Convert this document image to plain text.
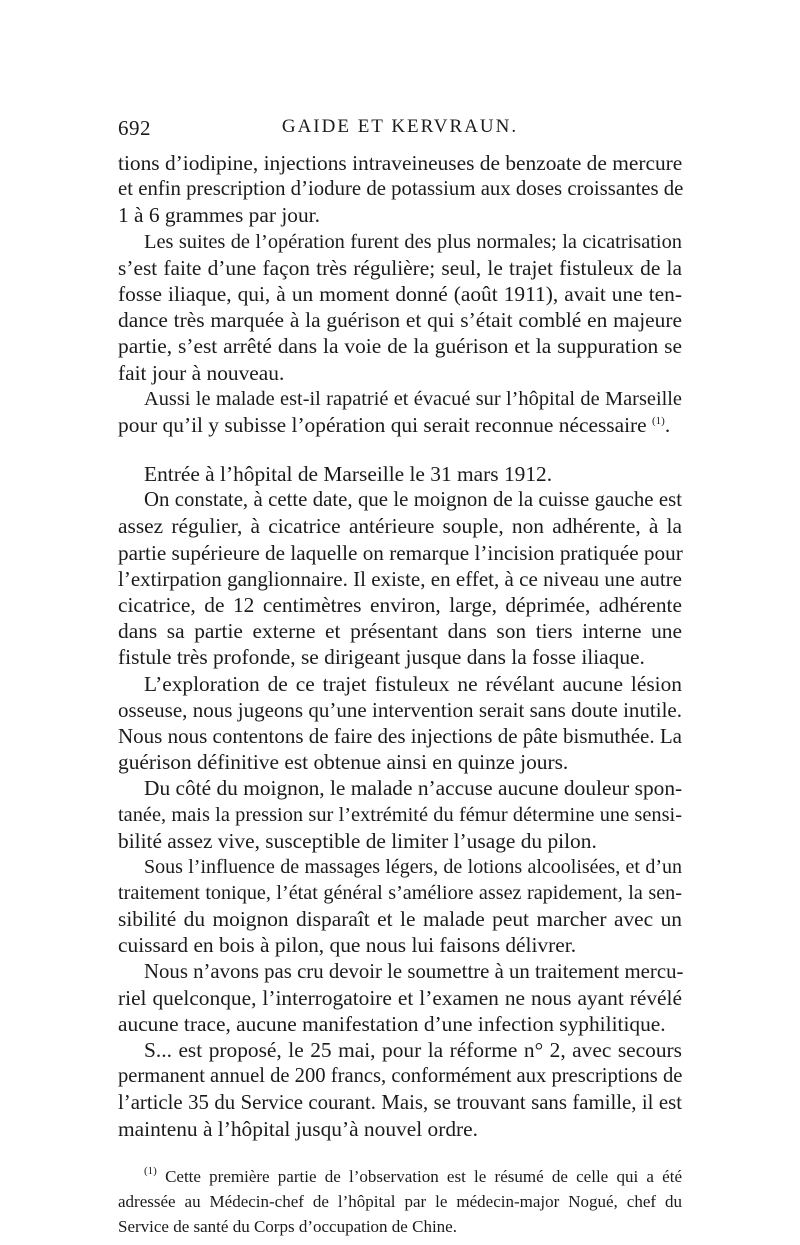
692	GAIDE ET KERVRAUN.
tions d’iodipine, injections intraveineuses de benzoate de mercure
et enfin prescription d’iodure de potassium aux doses croissantes de
1 à 6 grammes par jour.
Les suites de l’opération furent des plus normales; la cicatrisation
s’est faite d’une façon très régulière; seul, le trajet fistuleux de la
fosse iliaque, qui, à un moment donné (août 1911), avait une ten-
dance très marquée à la guérison et qui s’était comblé en majeure
partie, s’est arrêté dans la voie de la guérison et la suppuration se
fait jour à nouveau.
Aussi le malade est-il rapatrié et évacué sur l’hôpital de Marseille
pour qu’il y subisse l’opération qui serait reconnue nécessaire $^{(1)}$.
Entrée à l’hôpital de Marseille le 31 mars 1912.
On constate, à cette date, que le moignon de la cuisse gauche est
assez régulier, à cicatrice antérieure souple, non adhérente, à la
partie supérieure de laquelle on remarque l’incision pratiquée pour
l’extirpation ganglionnaire. Il existe, en effet, à ce niveau une autre
cicatrice, de 12 centimètres environ, large, déprimée, adhérente
dans sa partie externe et présentant dans son tiers interne une
fistule très profonde, se dirigeant jusque dans la fosse iliaque.
L’exploration de ce trajet fistuleux ne révélant aucune lésion
osseuse, nous jugeons qu’une intervention serait sans doute inutile.
Nous nous contentons de faire des injections de pâte bismuthée. La
guérison définitive est obtenue ainsi en quinze jours.
Du côté du moignon, le malade n’accuse aucune douleur spon-
tanée, mais la pression sur l’extrémité du fémur détermine une sensi-
bilité assez vive, susceptible de limiter l’usage du pilon.
Sous l’influence de massages légers, de lotions alcoolisées, et d’un
traitement tonique, l’état général s’améliore assez rapidement, la sen-
sibilité du moignon disparaît et le malade peut marcher avec un
cuissard en bois à pilon, que nous lui faisons délivrer.
Nous n’avons pas cru devoir le soumettre à un traitement mercu-
riel quelconque, l’interrogatoire et l’examen ne nous ayant révélé
aucune trace, aucune manifestation d’une infection syphilitique.
S... est proposé, le 25 mai, pour la réforme n° 2, avec secours
permanent annuel de 200 francs, conformément aux prescriptions de
l’article 35 du Service courant. Mais, se trouvant sans famille, il est
maintenu à l’hôpital jusqu’à nouvel ordre.
$^{(1)}$ Cette première partie de l’observation est le résumé de celle qui a été
adressée au Médecin-chef de l’hôpital par le médecin-major Nogué, chef du
Service de santé du Corps d’occupation de Chine.
